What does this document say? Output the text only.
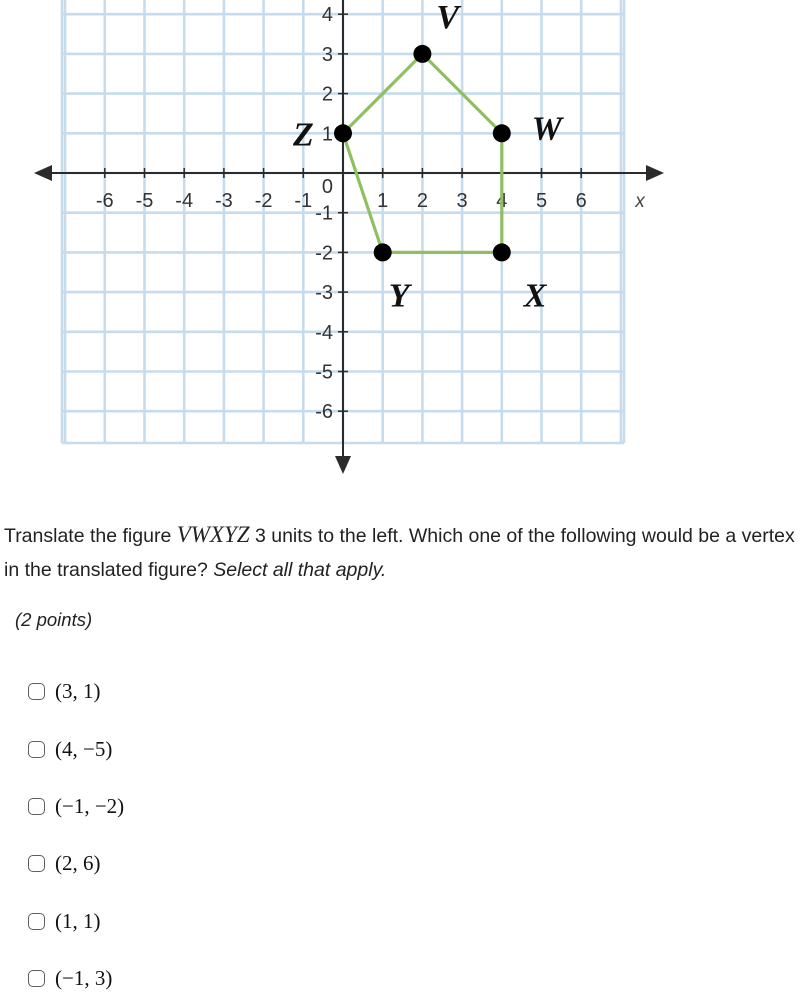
-6 -5 -4 -3 -2 -1	1 2 3 4 5 6
4
3
2
1
-1
-2
-3
-4
-5
-6
0
x
V
W
X
Y
Z
Translate the figure VWXYZ 3 units to the left. Which one of the following would be a vertex in the translated figure? Select all that apply.
(2 points)
(3, 1)
(4, −5)
(−1, −2)
(2, 6)
(1, 1)
(−1, 3)
